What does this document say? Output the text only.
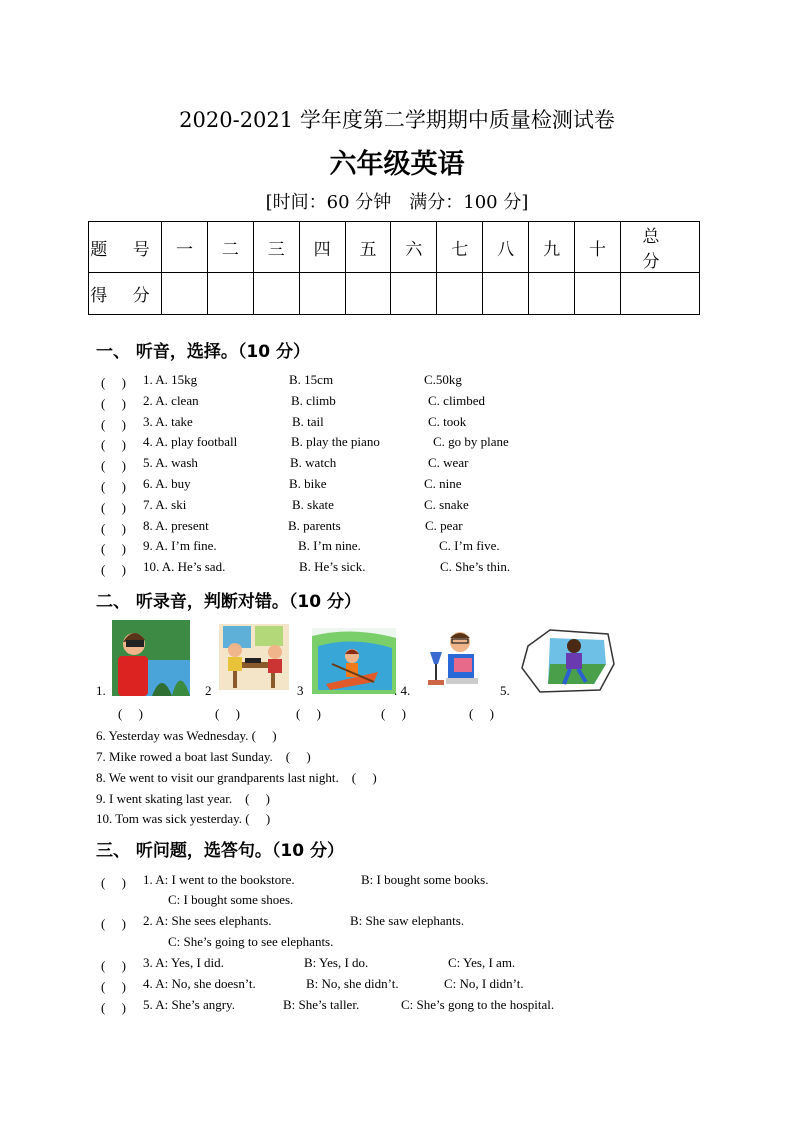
2020-2021 学年度第二学期期中质量检测试卷
六年级英语
[时间：60 分钟　满分：100 分]
题 号	一	二	三	四	五	六	七	八	九	十	总 分
得 分											
一、 听音，选择。（10 分）
(　 ) 1. A. 15kg	B. 15cm	C.50kg
(　 ) 2. A. clean	B. climb	C. climbed
(　 ) 3. A. take	B. tail	C. took
(　 ) 4. A. play football	B. play the piano	C. go by plane
(　 ) 5. A. wash	B. watch	C. wear
(　 ) 6. A. buy	B. bike	C. nine
(　 ) 7. A. ski	B. skate	C. snake
(　 ) 8. A. present	B. parents	C. pear
(　 ) 9. A. I’m fine.	B. I’m nine.	C. I’m five.
(　 ) 10. A. He’s sad.	B. He’s sick.	C. She’s thin.
二、 听录音，判断对错。（10 分）
1.	2	3	. 4.	5.
(　 )	(　 )	(　 )	(　 )	(　 )
6. Yesterday was Wednesday. (　 )
7. Mike rowed a boat last Sunday.　(　 )
8. We went to visit our grandparents last night.　(　 )
9. I went skating last year.　(　 )
10. Tom was sick yesterday. (　 )
三、 听问题，选答句。（10 分）
(　 ) 1. A: I went to the bookstore.	B: I bought some books.
C: I bought some shoes.
(　 ) 2. A: She sees elephants.	B: She saw elephants.
C: She’s going to see elephants.
(　 ) 3. A: Yes, I did.	B: Yes, I do.	C: Yes, I am.
(　 ) 4. A: No, she doesn’t.	B: No, she didn’t.	C: No, I didn’t.
(　 ) 5. A: She’s angry.	B: She’s taller.	C: She’s gong to the hospital.
